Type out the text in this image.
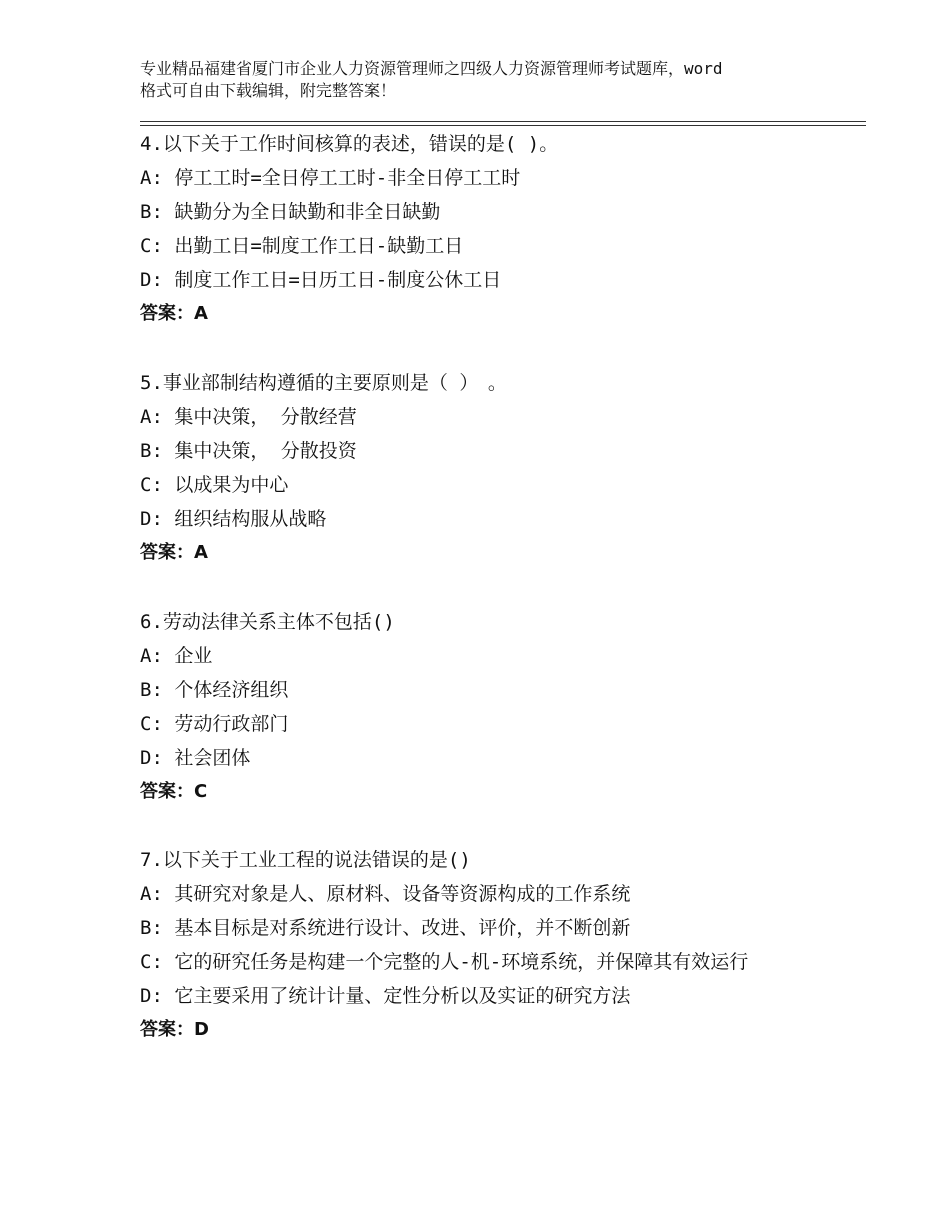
专业精品福建省厦门市企业人力资源管理师之四级人力资源管理师考试题库，word
格式可自由下载编辑，附完整答案！
4.以下关于工作时间核算的表述，错误的是( )。
A: 停工工时=全日停工工时-非全日停工工时
B: 缺勤分为全日缺勤和非全日缺勤
C: 出勤工日=制度工作工日-缺勤工日
D: 制度工作工日=日历工日-制度公休工日
答案：A
5.事业部制结构遵循的主要原则是（ ）　。
A: 集中决策， 分散经营
B: 集中决策， 分散投资
C: 以成果为中心
D: 组织结构服从战略
答案：A
6.劳动法律关系主体不包括()
A: 企业
B: 个体经济组织
C: 劳动行政部门
D: 社会团体
答案：C
7.以下关于工业工程的说法错误的是()
A: 其研究对象是人、原材料、设备等资源构成的工作系统
B: 基本目标是对系统进行设计、改进、评价，并不断创新
C: 它的研究任务是构建一个完整的人-机-环境系统，并保障其有效运行
D: 它主要采用了统计计量、定性分析以及实证的研究方法
答案：D
